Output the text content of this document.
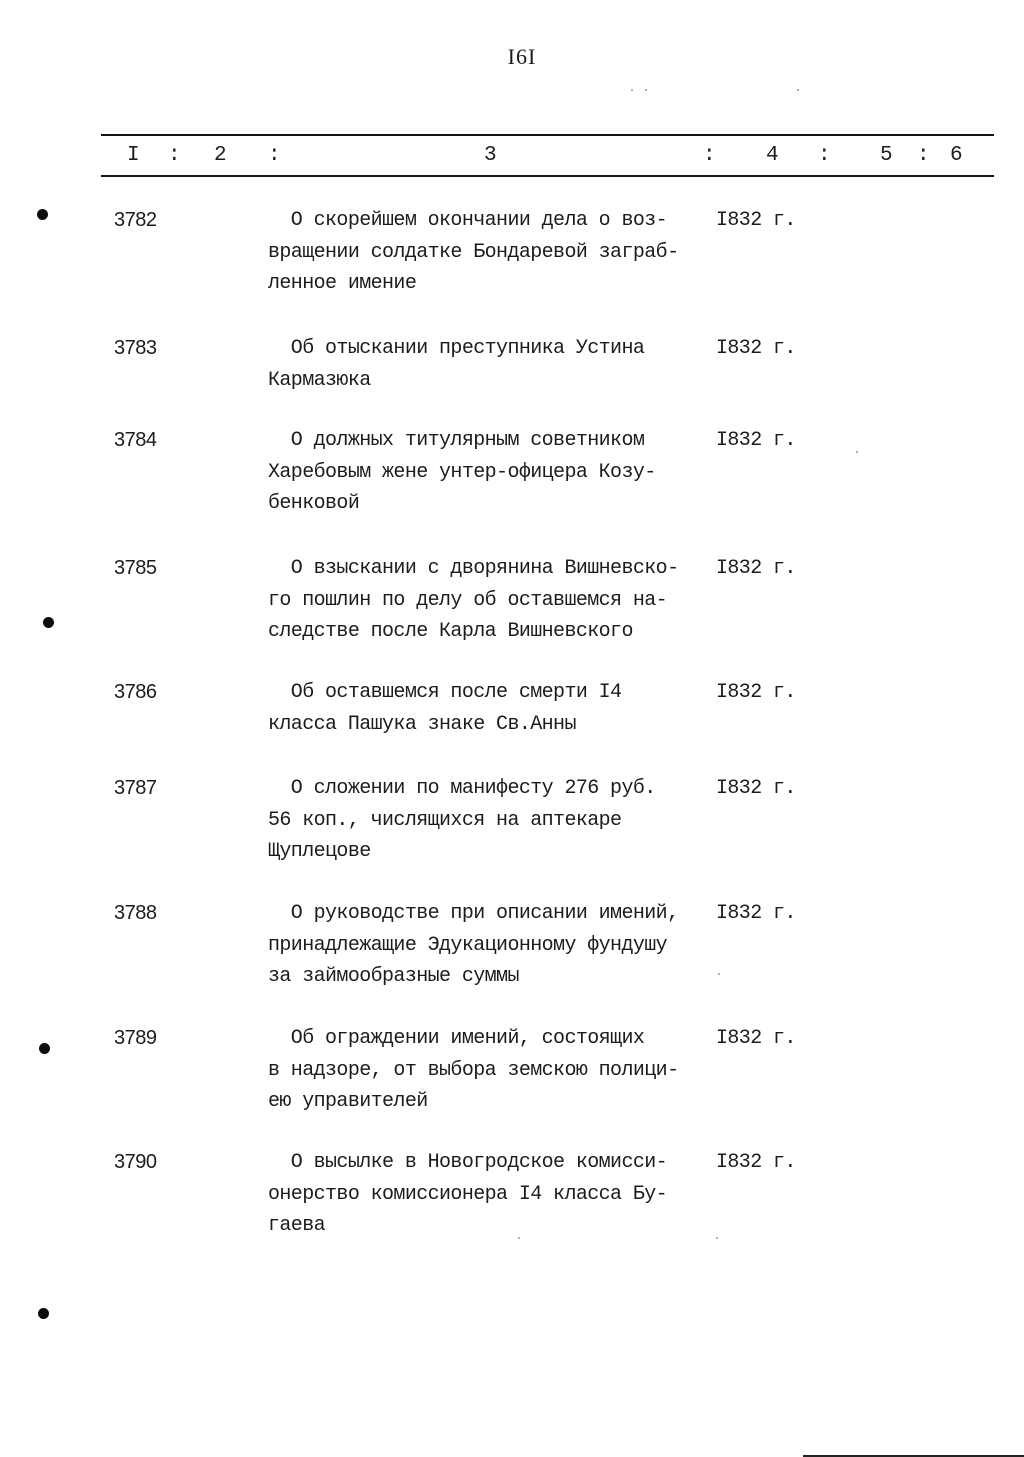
I6I
I : 2 :	3	: 4 : 5 : 6
3782	О скорейшем окончании дела о воз-
вращении солдатке Бондаревой заграб-
ленное имение
I832 г.
3783	Об отыскании преступника Устина
Кармазюка
I832 г.
3784	О должных титулярным советником
Харебовым жене унтер-офицера Козу-
бенковой
I832 г.
3785	О взыскании с дворянина Вишневско-
го пошлин по делу об оставшемся на-
следстве после Карла Вишневского
I832 г.
3786	Об оставшемся после смерти I4
класса Пашука знаке Св.Анны
I832 г.
3787	О сложении по манифесту 276 руб.
56 коп., числящихся на аптекаре
Щуплецове
I832 г.
3788	О руководстве при описании имений,
принадлежащие Эдукационному фундушу
за займообразные суммы
I832 г.
3789	Об ограждении имений, состоящих
в надзоре, от выбора земскою полици-
ею управителей
I832 г.
3790	О высылке в Новогродское комисси-
онерство комиссионера I4 класса Бу-
гаева
I832 г.
